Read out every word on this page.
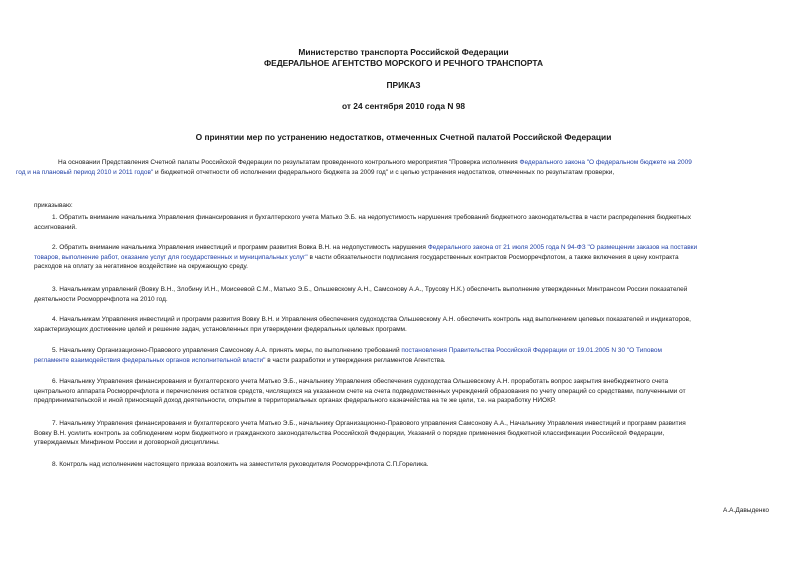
Министерство транспорта Российской Федерации
ФЕДЕРАЛЬНОЕ АГЕНТСТВО МОРСКОГО И РЕЧНОГО ТРАНСПОРТА
ПРИКАЗ
от 24 сентября 2010 года N 98
О принятии мер по устранению недостатков, отмеченных Счетной палатой Российской Федерации
На основании Представления Счетной палаты Российской Федерации по результатам проведенного контрольного мероприятия "Проверка исполнения Федерального закона "О федеральном бюджете на 2009
год и на плановый период 2010 и 2011 годов" и бюджетной отчетности об исполнении федерального бюджета за 2009 год" и с целью устранения недостатков, отмеченных по результатам проверки,
приказываю:
1. Обратить внимание начальника Управления финансирования и бухгалтерского учета Матько Э.Б. на недопустимость нарушения требований бюджетного законодательства в части распределения бюджетных
ассигнований.
2. Обратить внимание начальника Управления инвестиций и программ развития Вовка В.Н. на недопустимость нарушения Федерального закона от 21 июля 2005 года N 94-ФЗ "О размещении заказов на поставки
товаров, выполнение работ, оказание услуг для государственных и муниципальных услуг" в части обязательности подписания государственных контрактов Росморречфлотом, а также включения в цену контракта
расходов на оплату за негативное воздействие на окружающую среду.
3. Начальникам управлений (Вовку В.Н., Злобину И.Н., Моисеевой С.М., Матько Э.Б., Ольшевскому А.Н., Самсонову А.А., Трусову Н.К.) обеспечить выполнение утвержденных Минтрансом России показателей
деятельности Росморречфлота на 2010 год.
4. Начальникам Управления инвестиций и программ развития Вовку В.Н. и Управления обеспечения судоходства Ольшевскому А.Н. обеспечить контроль над выполнением целевых показателей и индикаторов,
характеризующих достижение целей и решение задач, установленных при утверждении федеральных целевых программ.
5. Начальнику Организационно-Правового управления Самсонову А.А. принять меры, по выполнению требований постановления Правительства Российской Федерации от 19.01.2005 N 30 "О Типовом
регламенте взаимодействия федеральных органов исполнительной власти" в части разработки и утверждения регламентов Агентства.
6. Начальнику Управления финансирования и бухгалтерского учета Матько Э.Б., начальнику Управления обеспечения судоходства Ольшевскому А.Н. проработать вопрос закрытия внебюджетного счета
центрального аппарата Росморречфлота и перечисления остатков средств, числящихся на указанном счете на счета подведомственных учреждений образования по учету операций со средствами, полученными от
предпринимательской и иной приносящей доход деятельности, открытие в территориальных органах федерального казначейства на те же цели, т.е. на разработку НИОКР.
7. Начальнику Управления финансирования и бухгалтерского учета Матько Э.Б., начальнику Организационно-Правового управления Самсонову А.А., Начальнику Управления инвестиций и программ развития
Вовку В.Н. усилить контроль за соблюдением норм бюджетного и гражданского законодательства Российской Федерации, Указаний о порядке применения бюджетной классификации Российской Федерации,
утверждаемых Минфином России и договорной дисциплины.
8. Контроль над исполнением настоящего приказа возложить на заместителя руководителя Росморречфлота С.П.Горелика.
А.А.Давыденко
